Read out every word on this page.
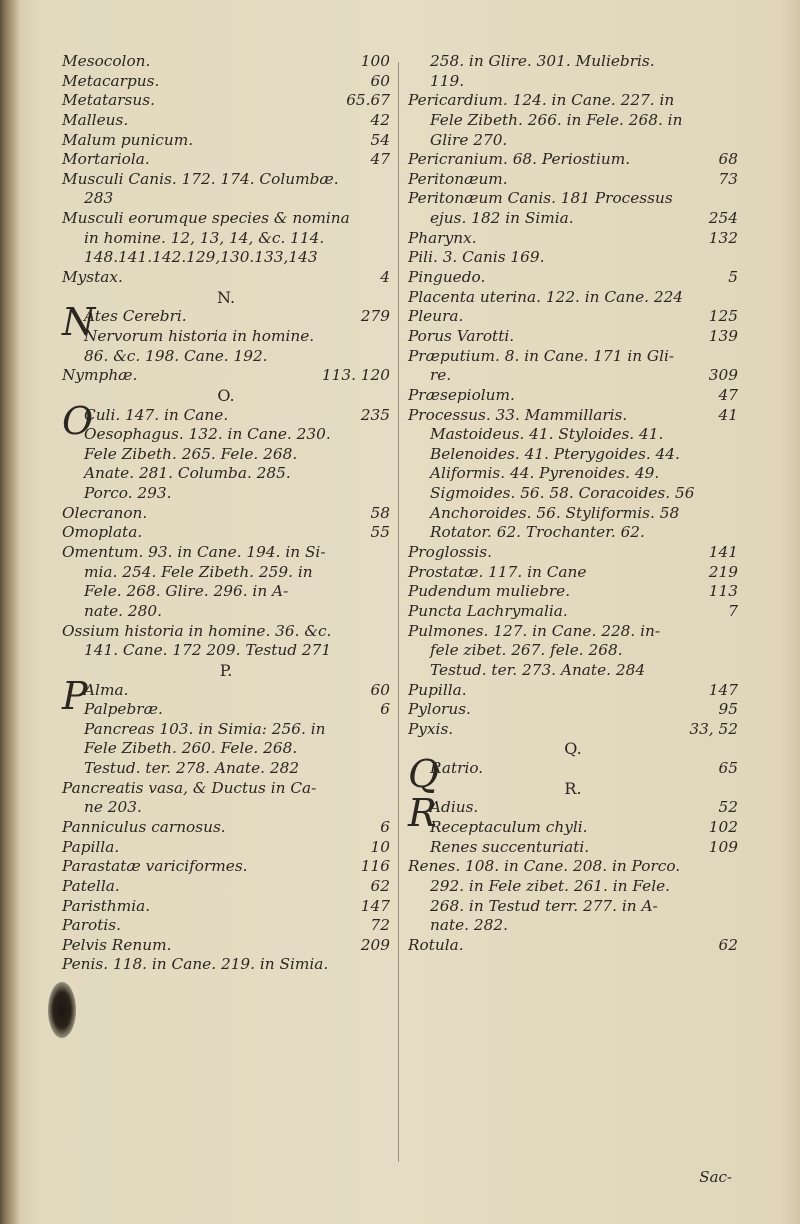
Mesocolon.	100
Metacarpus.	60
Metatarsus.	65.67
Malleus.	42
Malum punicum.	54
Mortariola.	47
Musculi Canis. 172. 174. Columbæ.
283
Musculi eorumque species & nomina
in homine. 12, 13, 14, &c. 114.
148.141.142.129,130.133,143
Mystax.	4
N.
N
Ates Cerebri.	279
Nervorum historia in homine.
86. &c. 198. Cane. 192.
Nymphæ.	113. 120
O.
O
Culi. 147. in Cane.	235
Oesophagus. 132. in Cane. 230.
Fele Zibeth. 265. Fele. 268.
Anate. 281. Columba. 285.
Porco. 293.
Olecranon.	58
Omoplata.	55
Omentum. 93. in Cane. 194. in Si-
mia. 254. Fele Zibeth. 259. in
Fele. 268. Glire. 296. in A-
nate. 280.
Ossium historia in homine. 36. &c.
141. Cane. 172 209. Testud 271
P.
P
Alma.	60
Palpebræ.	6
Pancreas 103. in Simia: 256. in
Fele Zibeth. 260. Fele. 268.
Testud. ter. 278. Anate. 282
Pancreatis vasa, & Ductus in Ca-
ne 203.
Panniculus carnosus.	6
Papilla.	10
Parastatæ variciformes.	116
Patella.	62
Paristhmia.	147
Parotis.	72
Pelvis Renum.	209
Penis. 118. in Cane. 219. in Simia.
258. in Glire. 301. Muliebris.
119.
Pericardium. 124. in Cane. 227. in
Fele Zibeth. 266. in Fele. 268. in
Glire 270.
Pericranium. 68. Periostium.	68
Peritonæum.	73
Peritonæum Canis. 181 Processus
ejus. 182 in Simia.	254
Pharynx.	132
Pili. 3. Canis 169.
Pinguedo.	5
Placenta uterina. 122. in Cane. 224
Pleura.	125
Porus Varotti.	139
Præputium. 8. in Cane. 171 in Gli-
re.	309
Præsepiolum.	47
Processus. 33. Mammillaris.	41
Mastoideus. 41. Styloides. 41.
Belenoides. 41. Pterygoides. 44.
Aliformis. 44. Pyrenoides. 49.
Sigmoides. 56. 58. Coracoides. 56
Anchoroides. 56. Styliformis. 58
Rotator. 62. Trochanter. 62.
Proglossis.	141
Prostatæ. 117. in Cane	219
Pudendum muliebre.	113
Puncta Lachrymalia.	7
Pulmones. 127. in Cane. 228. in-
fele zibet. 267. fele. 268.
Testud. ter. 273. Anate. 284
Pupilla.	147
Pylorus.	95
Pyxis.	33, 52
Q.
Q
Ratrio.	65
R.
R
Adius.	52
Receptaculum chyli.	102
Renes succenturiati.	109
Renes. 108. in Cane. 208. in Porco.
292. in Fele zibet. 261. in Fele.
268. in Testud terr. 277. in A-
nate. 282.
Rotula.	62
Sac-
